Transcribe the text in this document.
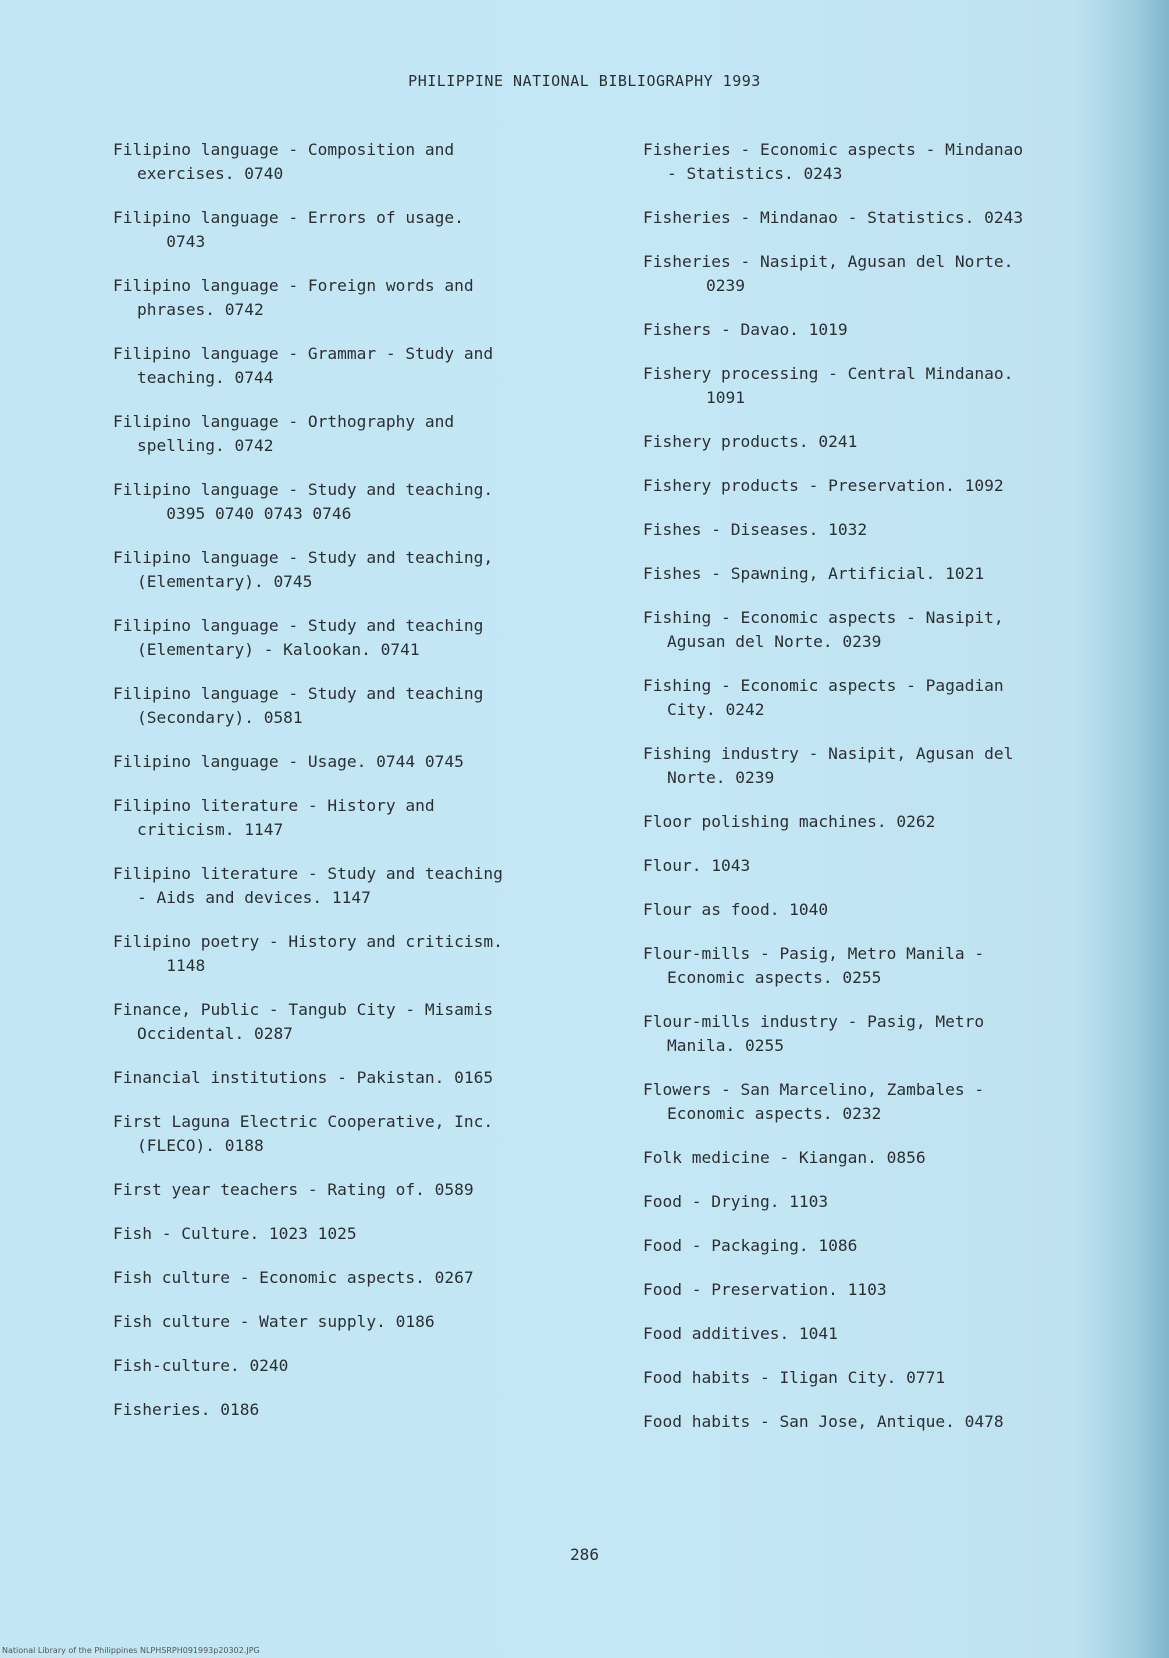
PHILIPPINE NATIONAL BIBLIOGRAPHY 1993

Filipino language - Composition and
exercises. 0740

Filipino language - Errors of usage.
0743

Filipino language - Foreign words and
phrases. 0742

Filipino language - Grammar - Study and
teaching. 0744

Filipino language - Orthography and
spelling. 0742

Filipino language - Study and teaching.
0395 0740 0743 0746

Filipino language - Study and teaching,
(Elementary). 0745

Filipino language - Study and teaching
(Elementary) - Kalookan. 0741

Filipino language - Study and teaching
(Secondary). 0581

Filipino language - Usage. 0744 0745

Filipino literature - History and
criticism. 1147

Filipino literature - Study and teaching
- Aids and devices. 1147

Filipino poetry - History and criticism.
1148

Finance, Public - Tangub City - Misamis
Occidental. 0287

Financial institutions - Pakistan. 0165

First Laguna Electric Cooperative, Inc.
(FLECO). 0188

First year teachers - Rating of. 0589

Fish - Culture. 1023 1025

Fish culture - Economic aspects. 0267

Fish culture - Water supply. 0186

Fish-culture. 0240

Fisheries. 0186

Fisheries - Economic aspects - Mindanao
- Statistics. 0243

Fisheries - Mindanao - Statistics. 0243

Fisheries - Nasipit, Agusan del Norte.
0239

Fishers - Davao. 1019

Fishery processing - Central Mindanao.
1091

Fishery products. 0241

Fishery products - Preservation. 1092

Fishes - Diseases. 1032

Fishes - Spawning, Artificial. 1021

Fishing - Economic aspects - Nasipit,
Agusan del Norte. 0239

Fishing - Economic aspects - Pagadian
City. 0242

Fishing industry - Nasipit, Agusan del
Norte. 0239

Floor polishing machines. 0262

Flour. 1043

Flour as food. 1040

Flour-mills - Pasig, Metro Manila -
Economic aspects. 0255

Flour-mills industry - Pasig, Metro
Manila. 0255

Flowers - San Marcelino, Zambales -
Economic aspects. 0232

Folk medicine - Kiangan. 0856

Food - Drying. 1103

Food - Packaging. 1086

Food - Preservation. 1103

Food additives. 1041

Food habits - Iligan City. 0771

Food habits - San Jose, Antique. 0478

286
National Library of the Philippines NLPHSRPH091993p20302.JPG
